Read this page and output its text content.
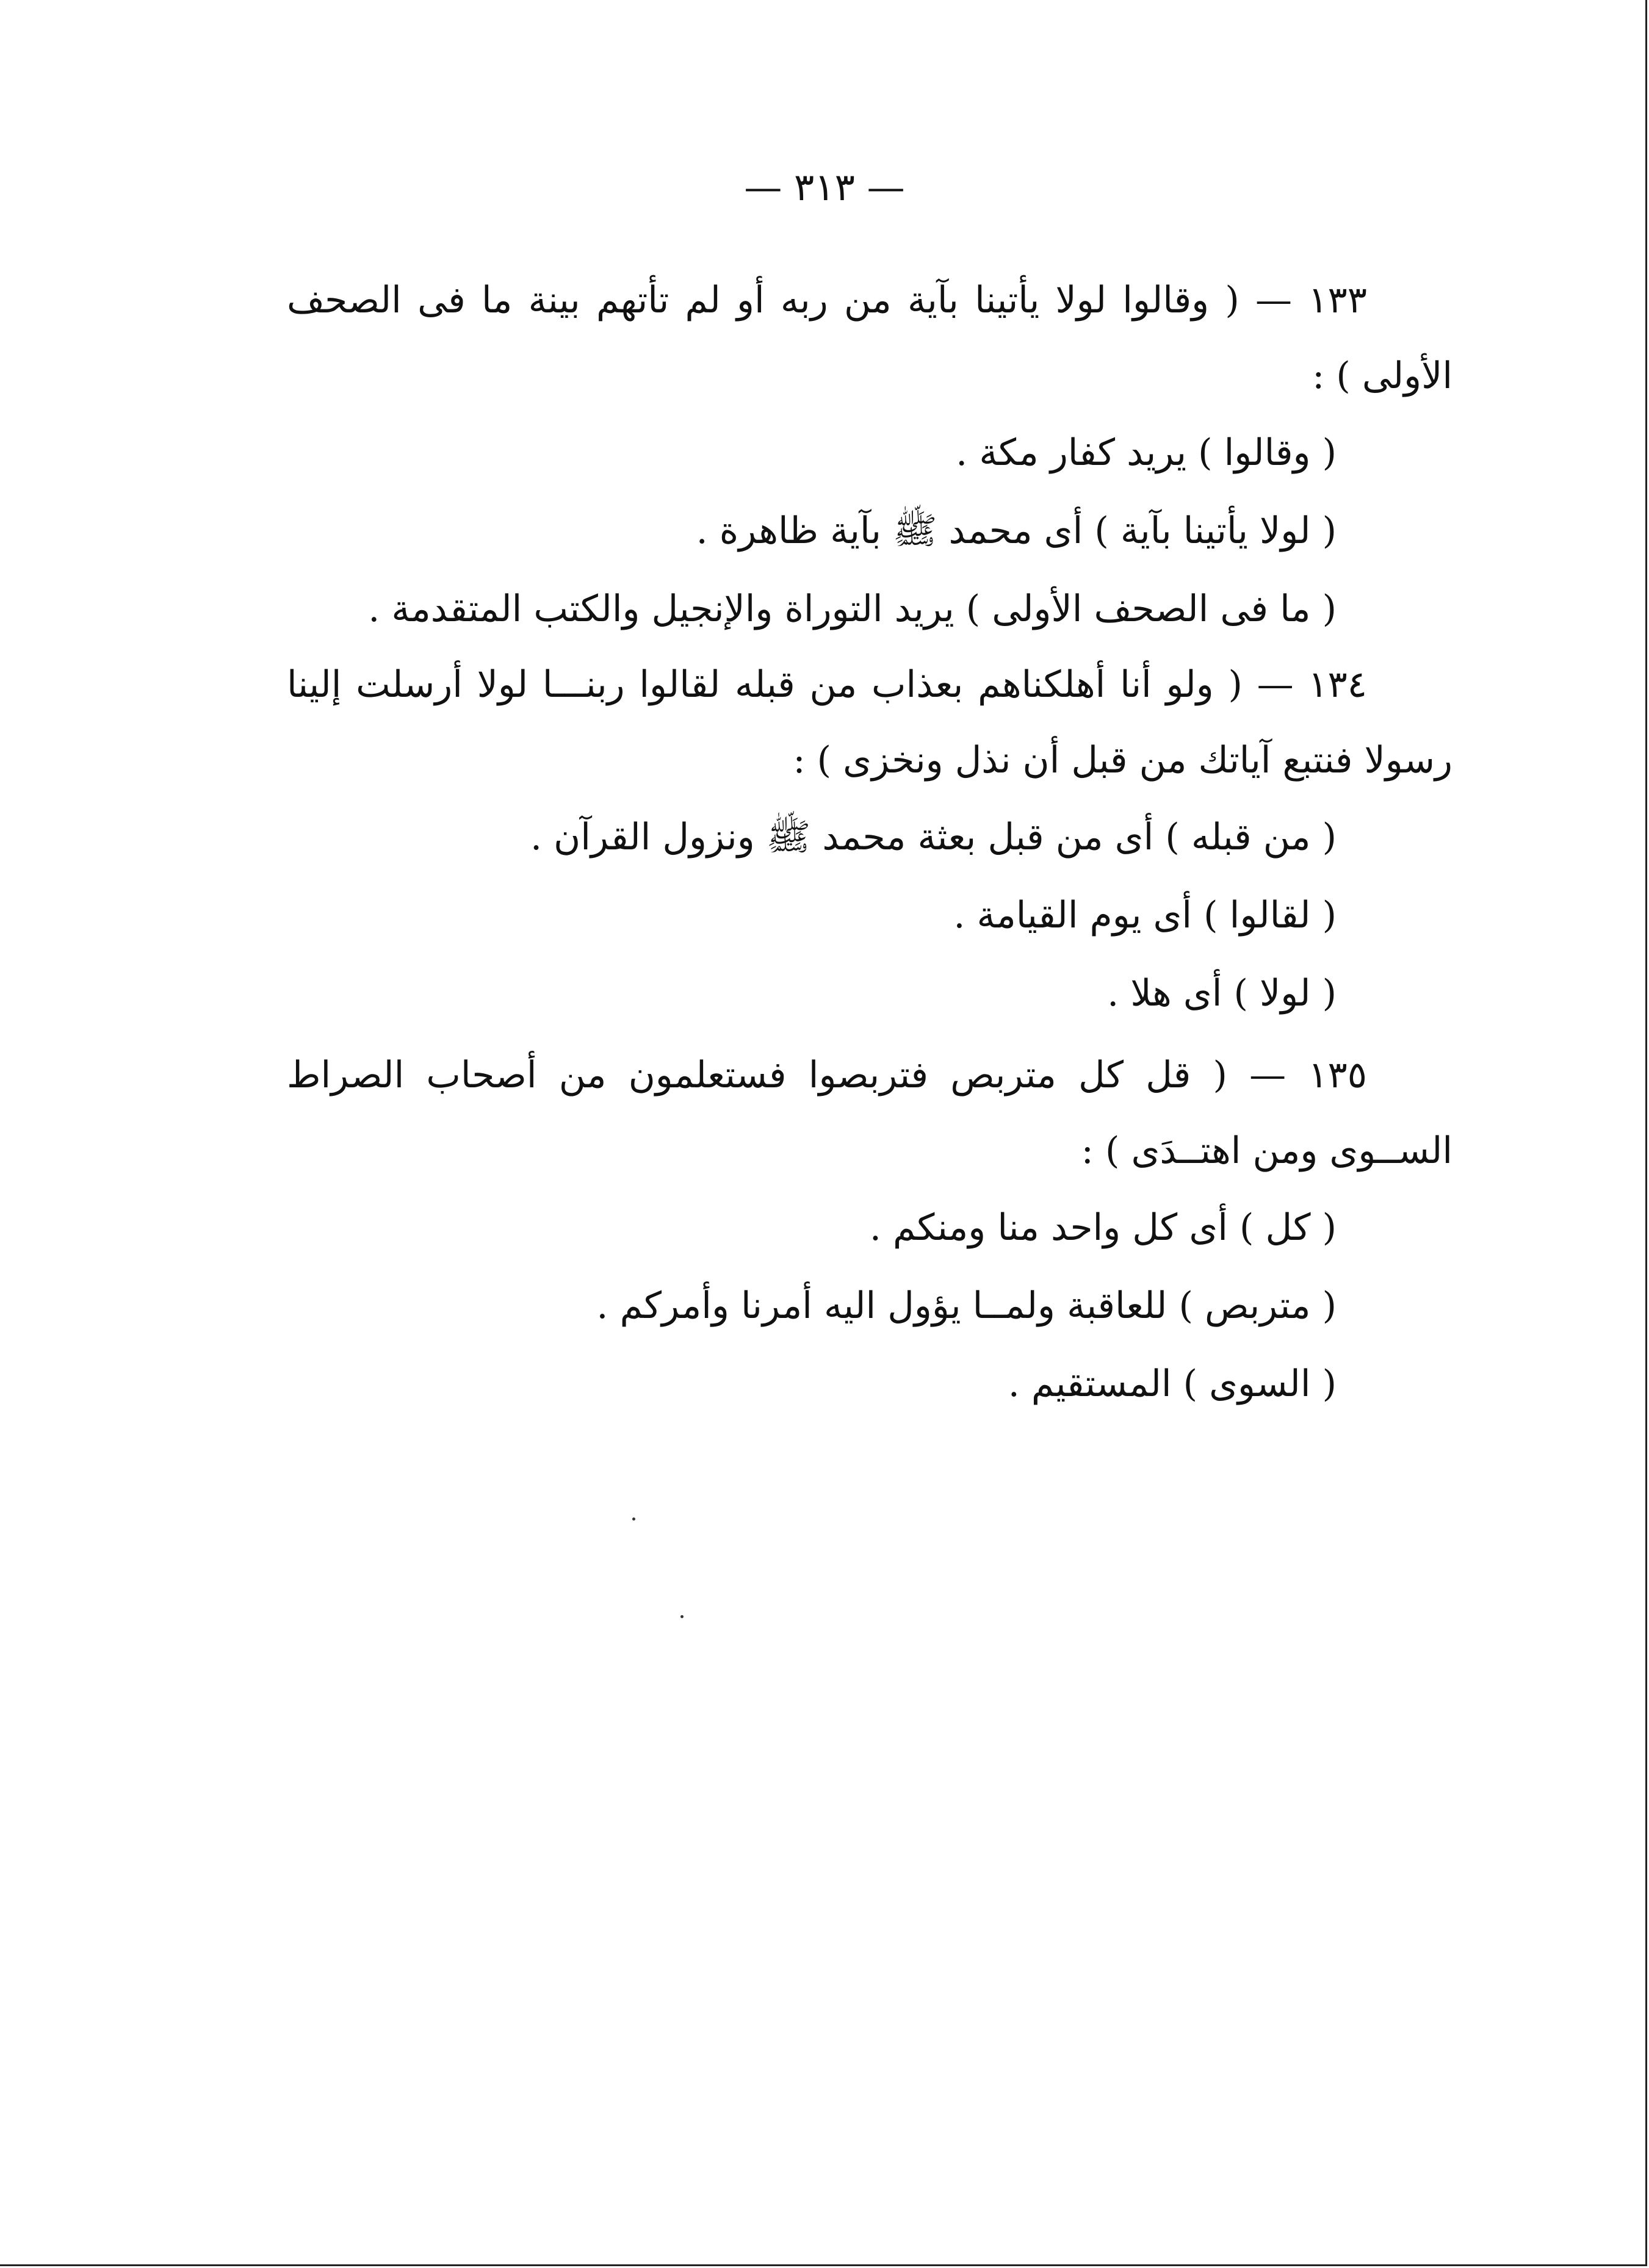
— ٣١٣ —

١٣٣ — ( وقالوا لولا يأتينا بآية من ربه أو لم تأتهم بينة ما فى الصحف الأولى ) :

( وقالوا ) يريد كفار مكة .

( لولا يأتينا بآية ) أى محمد ﷺ بآية ظاهرة .

( ما فى الصحف الأولى ) يريد التوراة والإنجيل والكتب المتقدمة .

١٣٤ — ( ولو أنا أهلكناهم بعذاب من قبله لقالوا ربنـــا لولا أرسلت إلينا رسولا فنتبع آياتك من قبل أن نذل ونخزى ) :

( من قبله ) أى من قبل بعثة محمد ﷺ ونزول القرآن .

( لقالوا ) أى يوم القيامة .

( لولا ) أى هلا .

١٣٥ — ( قل كل متربص فتربصوا فستعلمون من أصحاب الصراط الســوى ومن اهتــدَى ) :

( كل ) أى كل واحد منا ومنكم .

( متربص ) للعاقبة ولمــا يؤول اليه أمرنا وأمركم .

( السوى ) المستقيم .
